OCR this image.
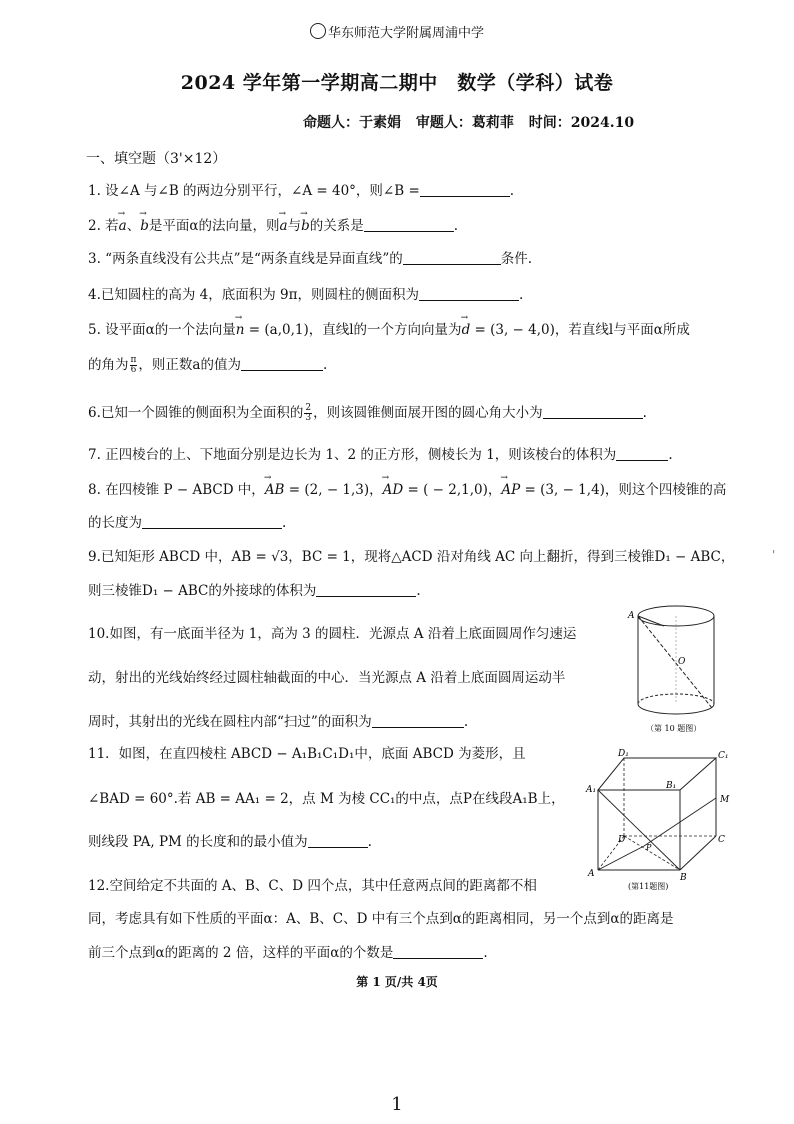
华东师范大学附属周浦中学
2024 学年第一学期高二期中　数学（学科）试卷
命题人：于素娟 审题人：葛莉菲 时间：2024.10
一、填空题（3'×12）
1. 设∠A 与∠B 的两边分别平行，∠A = 40°，则∠B =	.
2. 若→ a、→ b是平面α的法向量，则→ a与→ b的关系是	.
3. “两条直线没有公共点”是“两条直线是异面直线”的	条件.
4.已知圆柱的高为 4，底面积为 9π，则圆柱的侧面积为	.
5. 设平面α的一个法向量→ n = (a,0,1)，直线l的一个方向向量为→ d = (3, − 4,0)，若直线l与平面α所成
的角为 $\frac{\pi}{6}$ ，则正数a的值为	.
6.已知一个圆锥的侧面积为全面积的 $\frac{2}{3}$ ，则该圆锥侧面展开图的圆心角大小为	.
7. 正四棱台的上、下地面分别是边长为 1、2 的正方形，侧棱长为 1，则该棱台的体积为	.
8. 在四棱锥 P − ABCD 中，→ AB = (2, − 1,3)，→ AD = ( − 2,1,0)，→ AP = (3, − 1,4)，则这个四棱锥的高
的长度为	.
9.已知矩形 ABCD 中，AB = √3，BC = 1，现将△ACD 沿对角线 AC 向上翻折，得到三棱锥D₁ − ABC，
则三棱锥D₁ − ABC的外接球的体积为	.
10.如图，有一底面半径为 1，高为 3 的圆柱．光源点 A 沿着上底面圆周作匀速运
动，射出的光线始终经过圆柱轴截面的中心．当光源点 A 沿着上底面圆周运动半
周时，其射出的光线在圆柱内部“扫过”的面积为	.
A
O
（第 10 题图）
11．如图，在直四棱柱 ABCD − A₁B₁C₁D₁中，底面 ABCD 为菱形，且
∠BAD = 60°.若 AB = AA₁ = 2，点 M 为棱 CC₁的中点，点P在线段A₁B上，
则线段 PA, PM 的长度和的最小值为	.
D₁	C₁
A₁	B₁
M
D	C
P
A	B
(第11题图)
12.空间给定不共面的 A、B、C、D 四个点，其中任意两点间的距离都不相
同，考虑具有如下性质的平面α：A、B、C、D 中有三个点到α的距离相同，另一个点到α的距离是
前三个点到α的距离的 2 倍，这样的平面α的个数是	.
'
第 1 页/共 4页
1
